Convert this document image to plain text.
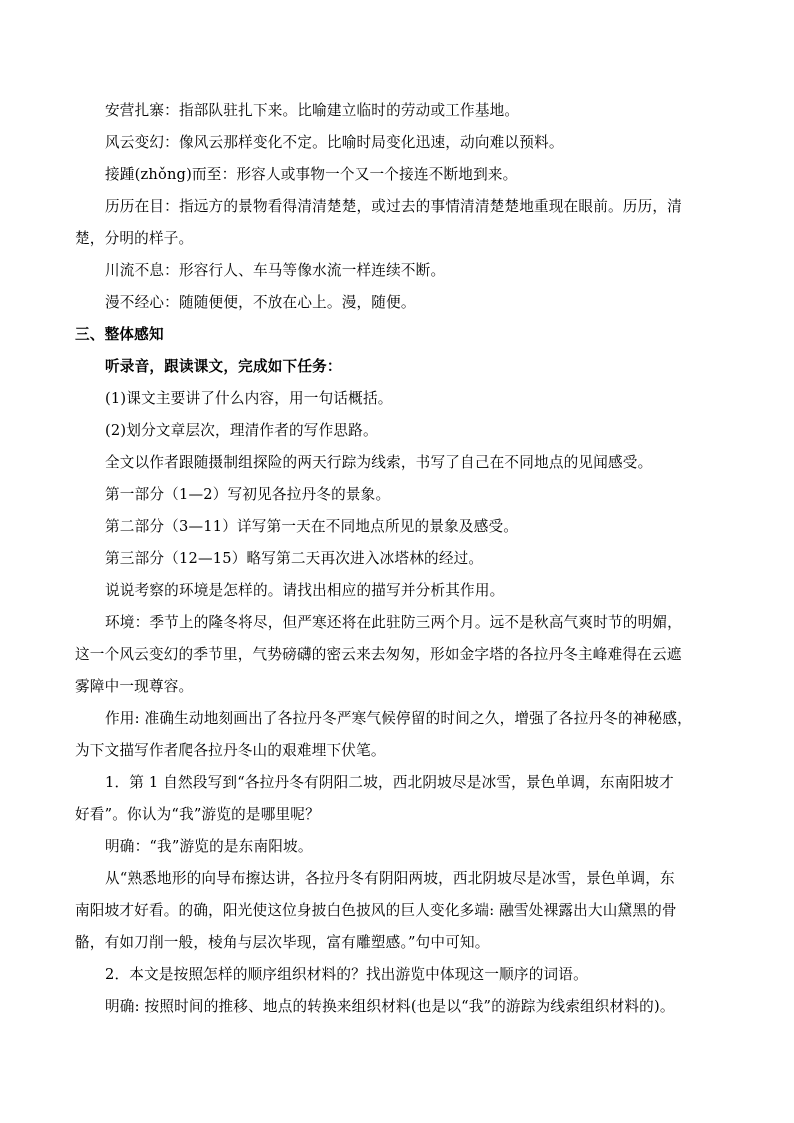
安营扎寨：指部队驻扎下来。比喻建立临时的劳动或工作基地。
风云变幻：像风云那样变化不定。比喻时局变化迅速，动向难以预料。
接踵(zhǒng)而至：形容人或事物一个又一个接连不断地到来。
历历在目：指远方的景物看得清清楚楚，或过去的事情清清楚楚地重现在眼前。历历，清
楚，分明的样子。
川流不息：形容行人、车马等像水流一样连续不断。
漫不经心：随随便便，不放在心上。漫，随便。
三、整体感知
听录音，跟读课文，完成如下任务：
(1)课文主要讲了什么内容，用一句话概括。
(2)划分文章层次，理清作者的写作思路。
全文以作者跟随摄制组探险的两天行踪为线索，书写了自己在不同地点的见闻感受。
第一部分（1—2）写初见各拉丹冬的景象。
第二部分（3—11）详写第一天在不同地点所见的景象及感受。
第三部分（12—15）略写第二天再次进入冰塔林的经过。
说说考察的环境是怎样的。请找出相应的描写并分析其作用。
环境：季节上的隆冬将尽，但严寒还将在此驻防三两个月。远不是秋高气爽时节的明媚，
这一个风云变幻的季节里，气势磅礴的密云来去匆匆，形如金字塔的各拉丹冬主峰难得在云遮
雾障中一现尊容。
作用: 准确生动地刻画出了各拉丹冬严寒气候停留的时间之久，增强了各拉丹冬的神秘感，
为下文描写作者爬各拉丹冬山的艰难埋下伏笔。
1．第 1 自然段写到“各拉丹冬有阴阳二坡，西北阴坡尽是冰雪，景色单调，东南阳坡才
好看”。你认为“我”游览的是哪里呢？
明确：“我”游览的是东南阳坡。
从“熟悉地形的向导布擦达讲，各拉丹冬有阴阳两坡，西北阴坡尽是冰雪，景色单调，东
南阳坡才好看。的确，阳光使这位身披白色披风的巨人变化多端: 融雪处裸露出大山黛黑的骨
骼，有如刀削一般，棱角与层次毕现，富有雕塑感。”句中可知。
2．本文是按照怎样的顺序组织材料的？找出游览中体现这一顺序的词语。
明确: 按照时间的推移、地点的转换来组织材料(也是以“我”的游踪为线索组织材料的)。
